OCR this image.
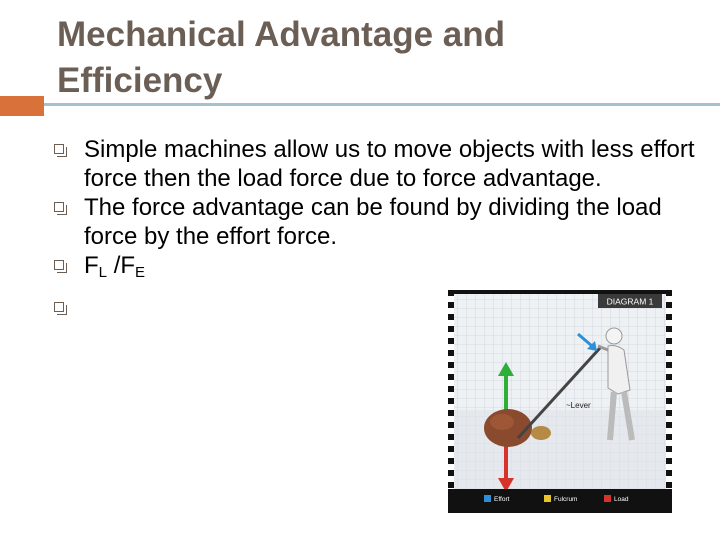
Mechanical Advantage and Efficiency
Simple machines allow us to move objects with less effort force then the load force due to force advantage.
The force advantage can be found by dividing the load force by the effort force.
$F_L$ $/F_E$

DIAGRAM 1
~Lever
Effort	Fulcrum	Load
